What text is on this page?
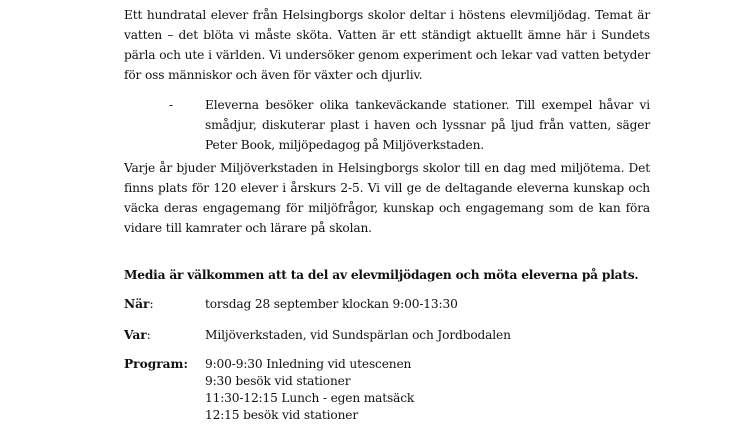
Ett hundratal elever från Helsingborgs skolor deltar i höstens elevmiljödag. Temat är vatten – det blöta vi måste sköta. Vatten är ett ständigt aktuellt ämne här i Sundets pärla och ute i världen. Vi undersöker genom experiment och lekar vad vatten betyder för oss människor och även för växter och djurliv.

-	Eleverna besöker olika tankeväckande stationer. Till exempel håvar vi smådjur, diskuterar plast i haven och lyssnar på ljud från vatten, säger Peter Book, miljöpedagog på Miljöverkstaden.

Varje år bjuder Miljöverkstaden in Helsingborgs skolor till en dag med miljötema. Det finns plats för 120 elever i årskurs 2-5. Vi vill ge de deltagande eleverna kunskap och väcka deras engagemang för miljöfrågor, kunskap och engagemang som de kan föra vidare till kamrater och lärare på skolan.

Media är välkommen att ta del av elevmiljödagen och möta eleverna på plats.
När:	torsdag 28 september klockan 9:00-13:30
Var:	Miljöverkstaden, vid Sundspärlan och Jordbodalen
Program: 9:00-9:30 Inledning vid utescenen
9:30 besök vid stationer
11:30-12:15 Lunch - egen matsäck
12:15 besök vid stationer
